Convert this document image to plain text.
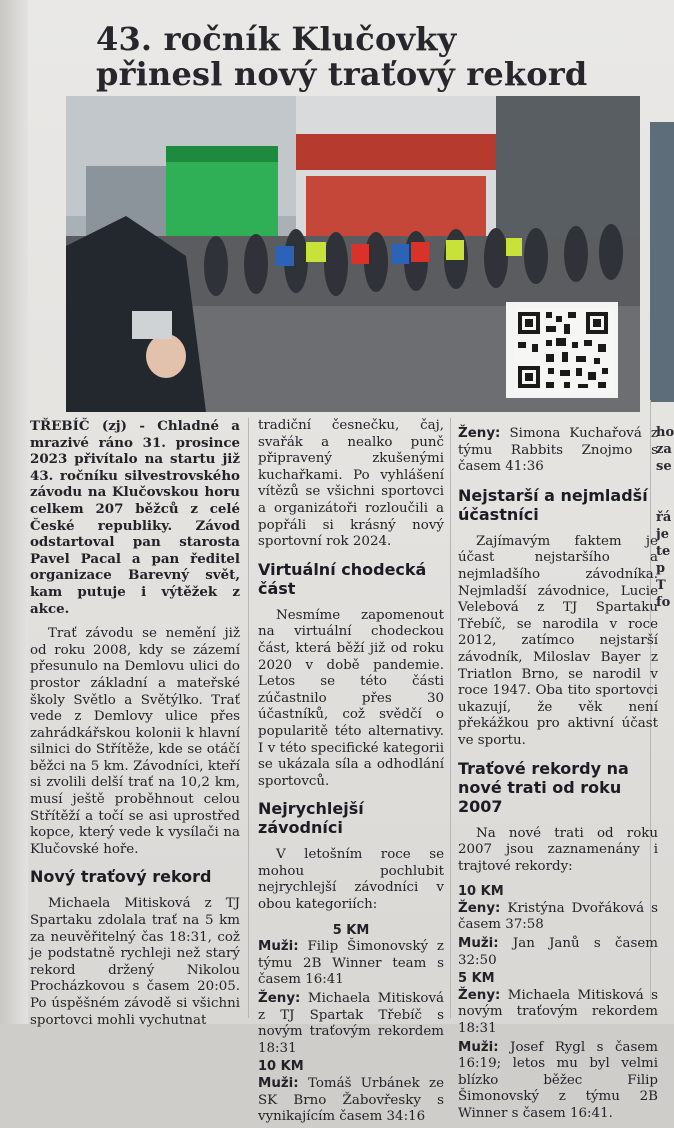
43. ročník Klučovky
přinesl nový traťový rekord

TŘEBÍČ (zj) - Chladné a mrazivé ráno 31. prosince 2023 přivítalo na startu již 43. ročníku silvestrovského závodu na Klučovskou horu celkem 207 běžců z celé České republiky. Závod odstartoval pan starosta Pavel Pacal a pan ředitel organizace Barevný svět, kam putuje i výtěžek z akce.

Trať závodu se nemění již od roku 2008, kdy se zázemí přesunulo na Demlovu ulici do prostor základní a mateřské školy Světlo a Světýlko. Trať vede z Demlovy ulice přes zahrádkářskou kolonii k hlavní silnici do Střítěže, kde se otáčí běžci na 5 km. Závodníci, kteří si zvolili delší trať na 10,2 km, musí ještě proběhnout celou Střítěží a točí se asi uprostřed kopce, který vede k vysílači na Klučovské hoře.

Nový traťový rekord

Michaela Mitisková z TJ Spartaku zdolala trať na 5 km za neuvěřitelný čas 18:31, což je podstatně rychleji než starý rekord držený Nikolou Procházkovou s časem 20:05. Po úspěšném závodě si všichni sportovci mohli vychutnat

tradiční česnečku, čaj, svařák a nealko punč připravený zkušenými kuchařkami. Po vyhlášení vítězů se všichni sportovci a organizátoři rozloučili a popřáli si krásný nový sportovní rok 2024.

Virtuální chodecká část

Nesmíme zapomenout na virtuální chodeckou část, která běží již od roku 2020 v době pandemie. Letos se této části zúčastnilo přes 30 účastníků, což svědčí o popularitě této alternativy. I v této specifické kategorii se ukázala síla a odhodlání sportovců.

Nejrychlejší závodníci

V letošním roce se mohou pochlubit nejrychlejší závodníci v obou kategoriích:

5 KM

Muži: Filip Šimonovský z týmu 2B Winner team s časem 16:41

Ženy: Michaela Mitisková z TJ Spartak Třebíč s novým traťovým rekordem 18:31

10 KM

Muži: Tomáš Urbánek ze SK Brno Žabovřesky s vynikajícím časem 34:16

Ženy: Simona Kuchařová z týmu Rabbits Znojmo s časem 41:36

Nejstarší a nejmladší účastníci

Zajímavým faktem je účast nejstaršího a nejmladšího závodníka. Nejmladší závodnice, Lucie Velebová z TJ Spartaku Třebíč, se narodila v roce 2012, zatímco nejstarší závodník, Miloslav Bayer z Triatlon Brno, se narodil v roce 1947. Oba tito sportovci ukazují, že věk není překážkou pro aktivní účast ve sportu.

Traťové rekordy na nové trati od roku 2007

Na nové trati od roku 2007 jsou zaznamenány i trajtové rekordy:

10 KM

Ženy: Kristýna Dvořáková s časem 37:58

Muži: Jan Janů s časem 32:50

5 KM

Ženy: Michaela Mitisková s novým traťovým rekordem 18:31

Muži: Josef Rygl s časem 16:19; letos mu byl velmi blízko běžec Filip Šimonovský z týmu 2B Winner s časem 16:41.

ho
za
se
řá
je
te
p
T
fo
